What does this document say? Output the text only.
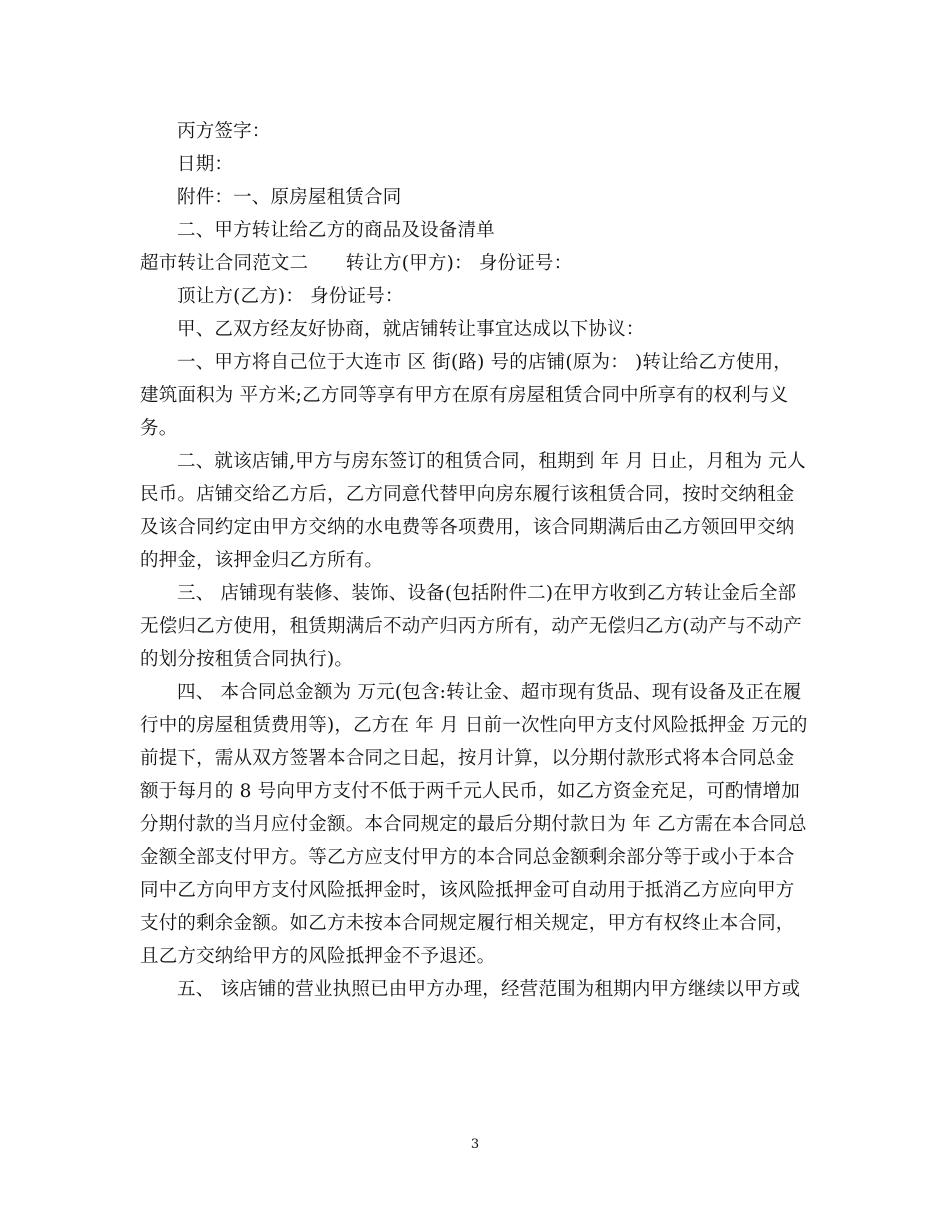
丙方签字：

日期：

附件：一、原房屋租赁合同

二、甲方转让给乙方的商品及设备清单

超市转让合同范文二　　转让方(甲方)： 身份证号：

顶让方(乙方)： 身份证号：

甲、乙双方经友好协商，就店铺转让事宜达成以下协议：

一、甲方将自己位于大连市 区 街(路) 号的店铺(原为： )转让给乙方使用，建筑面积为 平方米;乙方同等享有甲方在原有房屋租赁合同中所享有的权利与义务。

二、就该店铺,甲方与房东签订的租赁合同，租期到 年 月 日止，月租为 元人民币。店铺交给乙方后，乙方同意代替甲向房东履行该租赁合同，按时交纳租金及该合同约定由甲方交纳的水电费等各项费用，该合同期满后由乙方领回甲交纳的押金，该押金归乙方所有。

三、 店铺现有装修、装饰、设备(包括附件二)在甲方收到乙方转让金后全部无偿归乙方使用，租赁期满后不动产归丙方所有，动产无偿归乙方(动产与不动产的划分按租赁合同执行)。

四、 本合同总金额为 万元(包含:转让金、超市现有货品、现有设备及正在履行中的房屋租赁费用等)，乙方在 年 月 日前一次性向甲方支付风险抵押金 万元的前提下，需从双方签署本合同之日起，按月计算，以分期付款形式将本合同总金额于每月的 8 号向甲方支付不低于两千元人民币，如乙方资金充足，可酌情增加分期付款的当月应付金额。本合同规定的最后分期付款日为 年 乙方需在本合同总金额全部支付甲方。等乙方应支付甲方的本合同总金额剩余部分等于或小于本合同中乙方向甲方支付风险抵押金时，该风险抵押金可自动用于抵消乙方应向甲方支付的剩余金额。如乙方未按本合同规定履行相关规定，甲方有权终止本合同，且乙方交纳给甲方的风险抵押金不予退还。

五、 该店铺的营业执照已由甲方办理，经营范围为租期内甲方继续以甲方或

3
